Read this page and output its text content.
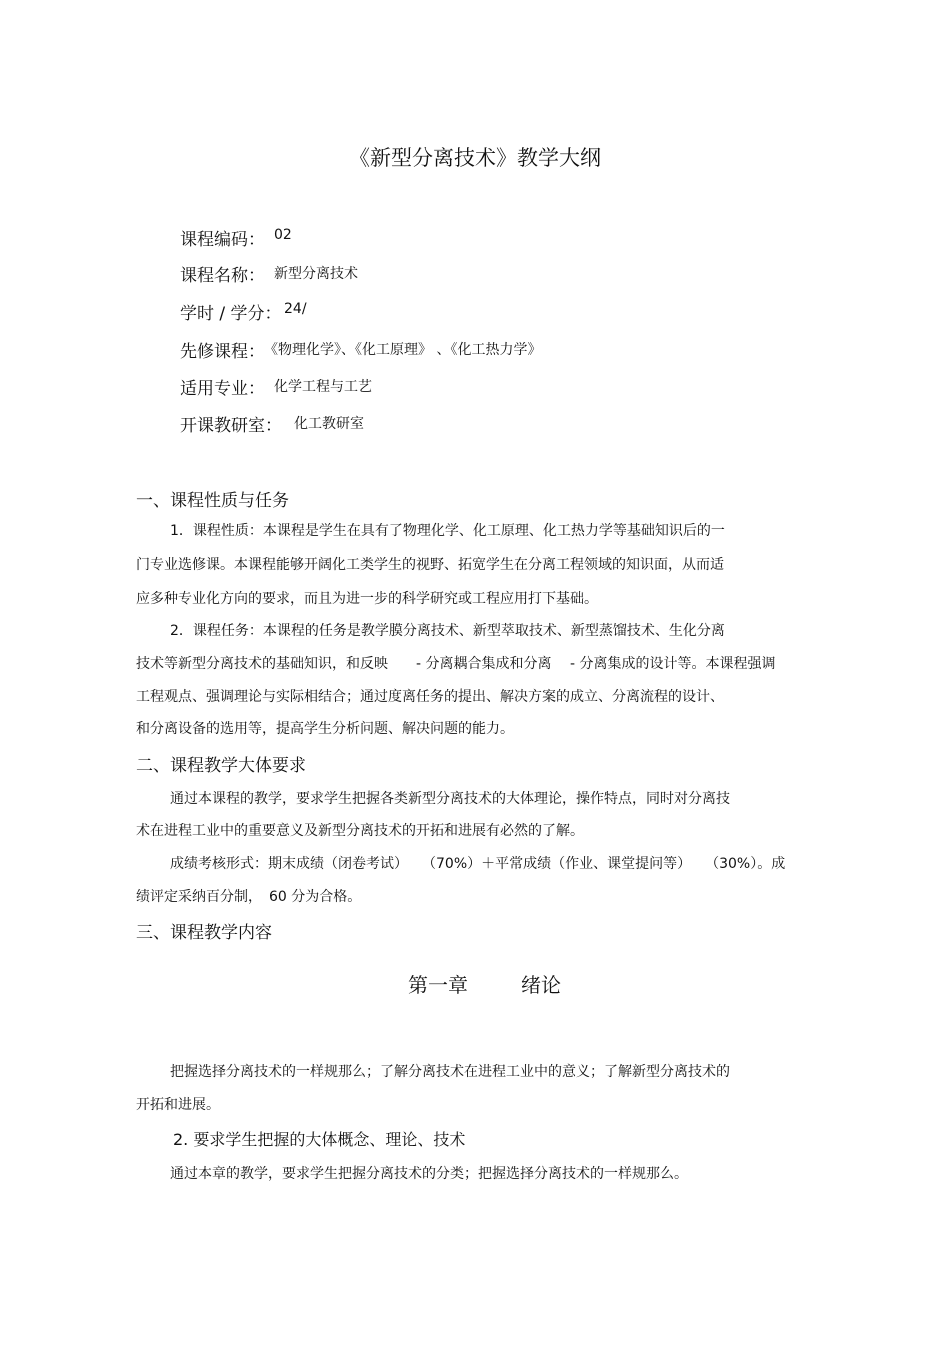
《新型分离技术》教学大纲
课程编码： 02
课程名称： 新型分离技术
学时 / 学分： 24/
先修课程： 《物理化学》、《化工原理》 、《化工热力学》
适用专业： 化学工程与工艺
开课教研室： 化工教研室
一、课程性质与任务
1．课程性质：本课程是学生在具有了物理化学、化工原理、化工热力学等基础知识后的一
门专业选修课。本课程能够开阔化工类学生的视野、拓宽学生在分离工程领域的知识面，从而适
应多种专业化方向的要求，而且为进一步的科学研究或工程应用打下基础。
2．课程任务：本课程的任务是教学膜分离技术、新型萃取技术、新型蒸馏技术、生化分离
技术等新型分离技术的基础知识，和反映　　- 分离耦合集成和分离　 - 分离集成的设计等。本课程强调
工程观点、强调理论与实际相结合；通过度离任务的提出、解决方案的成立、分离流程的设计、
和分离设备的选用等，提高学生分析问题、解决问题的能力。
二、课程教学大体要求
通过本课程的教学，要求学生把握各类新型分离技术的大体理论，操作特点，同时对分离技
术在进程工业中的重要意义及新型分离技术的开拓和进展有必然的了解。
成绩考核形式：期末成绩（闭卷考试）　　（70%）＋平常成绩（作业、课堂提问等）　　（30%）。成
绩评定采纳百分制，　60 分为合格。
三、课程教学内容
第一章	绪论
把握选择分离技术的一样规那么；了解分离技术在进程工业中的意义；了解新型分离技术的
开拓和进展。
2. 要求学生把握的大体概念、理论、技术
通过本章的教学，要求学生把握分离技术的分类；把握选择分离技术的一样规那么。
